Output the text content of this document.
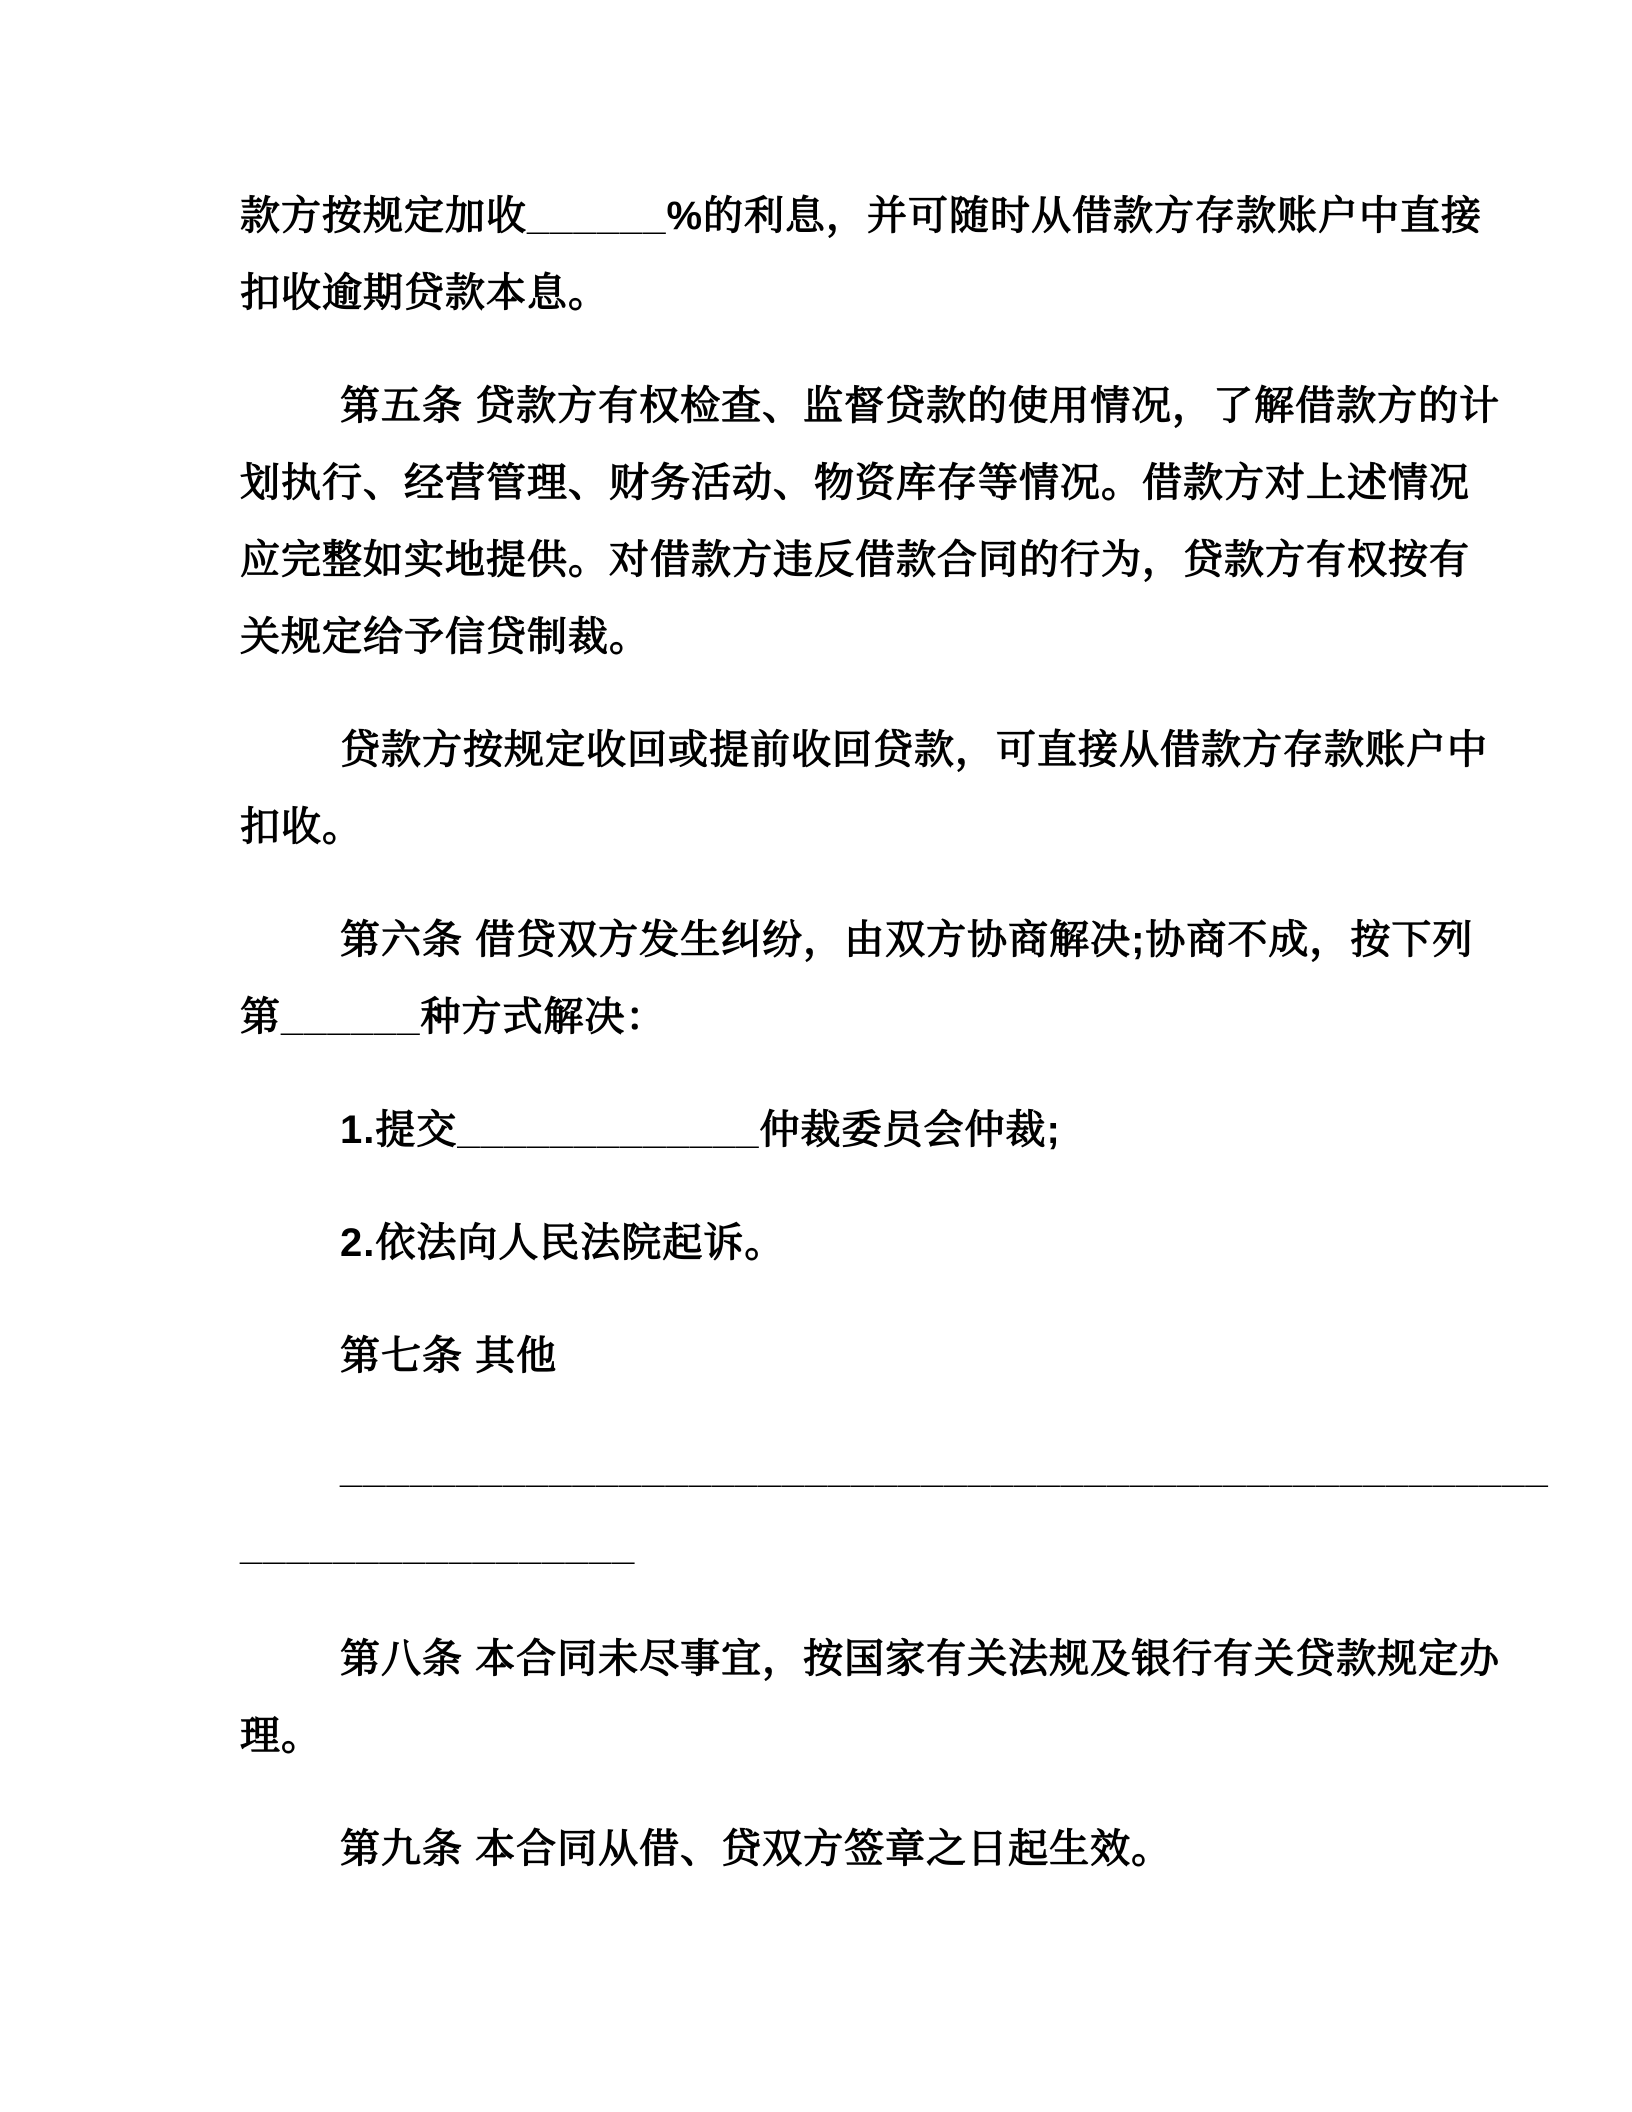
款方按规定加收______%的利息，并可随时从借款方存款账户中直接
扣收逾期贷款本息。
第五条 贷款方有权检查、监督贷款的使用情况，了解借款方的计
划执行、经营管理、财务活动、物资库存等情况。借款方对上述情况
应完整如实地提供。对借款方违反借款合同的行为，贷款方有权按有
关规定给予信贷制裁。
贷款方按规定收回或提前收回贷款，可直接从借款方存款账户中
扣收。
第六条 借贷双方发生纠纷，由双方协商解决;协商不成，按下列
第______种方式解决：
1.提交_____________仲裁委员会仲裁;
2.依法向人民法院起诉。
第七条 其他
____________________________________________________
_________________
第八条 本合同未尽事宜，按国家有关法规及银行有关贷款规定办
理。
第九条 本合同从借、贷双方签章之日起生效。
